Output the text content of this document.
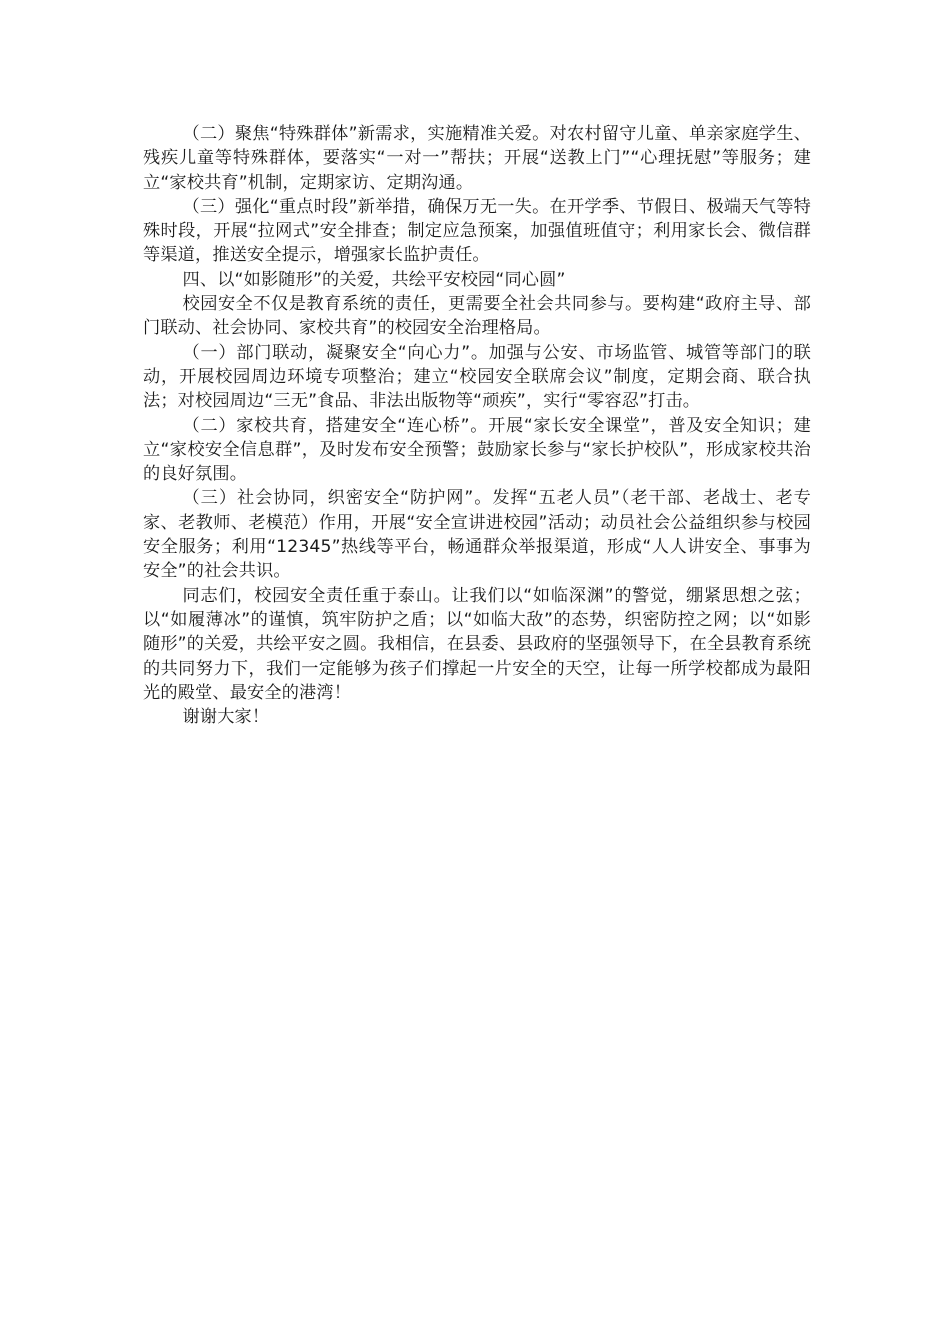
（二）聚焦“特殊群体”新需求，实施精准关爱。对农村留守儿童、单亲家庭学生、残疾儿童等特殊群体，要落实“一对一”帮扶；开展“送教上门”“心理抚慰”等服务；建立“家校共育”机制，定期家访、定期沟通。

（三）强化“重点时段”新举措，确保万无一失。在开学季、节假日、极端天气等特殊时段，开展“拉网式”安全排查；制定应急预案，加强值班值守；利用家长会、微信群等渠道，推送安全提示，增强家长监护责任。

四、以“如影随形”的关爱，共绘平安校园“同心圆”

校园安全不仅是教育系统的责任，更需要全社会共同参与。要构建“政府主导、部门联动、社会协同、家校共育”的校园安全治理格局。

（一）部门联动，凝聚安全“向心力”。加强与公安、市场监管、城管等部门的联动，开展校园周边环境专项整治；建立“校园安全联席会议”制度，定期会商、联合执法；对校园周边“三无”食品、非法出版物等“顽疾”，实行“零容忍”打击。

（二）家校共育，搭建安全“连心桥”。开展“家长安全课堂”，普及安全知识；建立“家校安全信息群”，及时发布安全预警；鼓励家长参与“家长护校队”，形成家校共治的良好氛围。

（三）社会协同，织密安全“防护网”。发挥“五老人员”（老干部、老战士、老专家、老教师、老模范）作用，开展“安全宣讲进校园”活动；动员社会公益组织参与校园安全服务；利用“12345”热线等平台，畅通群众举报渠道，形成“人人讲安全、事事为安全”的社会共识。

同志们，校园安全责任重于泰山。让我们以“如临深渊”的警觉，绷紧思想之弦；以“如履薄冰”的谨慎，筑牢防护之盾；以“如临大敌”的态势，织密防控之网；以“如影随形”的关爱，共绘平安之圆。我相信，在县委、县政府的坚强领导下，在全县教育系统的共同努力下，我们一定能够为孩子们撑起一片安全的天空，让每一所学校都成为最阳光的殿堂、最安全的港湾！

谢谢大家！
